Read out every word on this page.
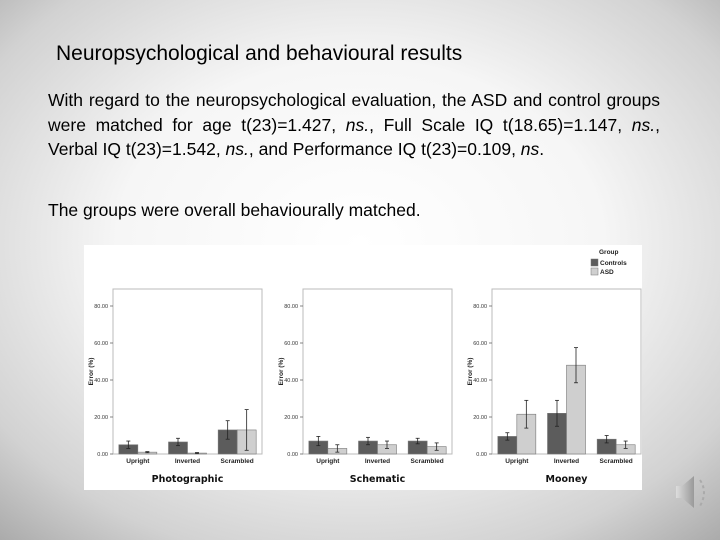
Neuropsychological and behavioural results
With regard to the neuropsychological evaluation, the ASD and control groups were matched for age t(23)=1.427, ns., Full Scale IQ t(18.65)=1.147, ns., Verbal IQ t(23)=1.542, ns., and Performance IQ t(23)=0.109, ns.
The groups were overall behaviourally matched.
0.00
20.00
40.00
60.00
80.00
Error (%)
Upright	Inverted	Scrambled
Photographic
0.00
20.00
40.00
60.00
80.00
Error (%)
Upright	Inverted	Scrambled
Schematic
0.00
20.00
40.00
60.00
80.00
Error (%)
Upright	Inverted	Scrambled
Mooney
Group
Controls
ASD
